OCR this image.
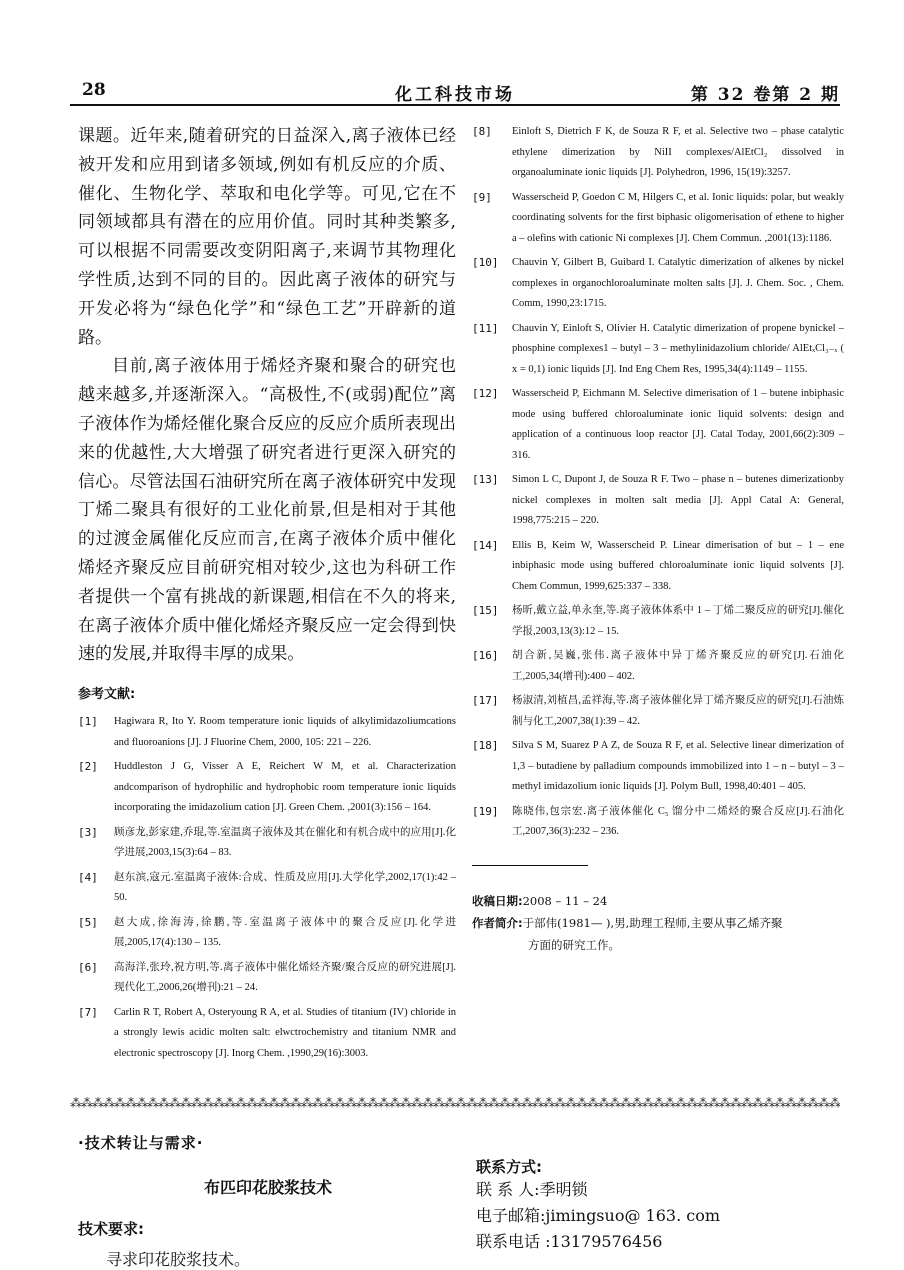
28	化工科技市场	第 32 卷第 2 期

课题。近年来,随着研究的日益深入,离子液体已经被开发和应用到诸多领域,例如有机反应的介质、催化、生物化学、萃取和电化学等。可见,它在不同领域都具有潜在的应用价值。同时其种类繁多,可以根据不同需要改变阴阳离子,来调节其物理化学性质,达到不同的目的。因此离子液体的研究与开发必将为“绿色化学”和“绿色工艺”开辟新的道路。

目前,离子液体用于烯烃齐聚和聚合的研究也越来越多,并逐渐深入。“高极性,不(或弱)配位”离子液体作为烯烃催化聚合反应的反应介质所表现出来的优越性,大大增强了研究者进行更深入研究的信心。尽管法国石油研究所在离子液体研究中发现丁烯二聚具有很好的工业化前景,但是相对于其他的过渡金属催化反应而言,在离子液体介质中催化烯烃齐聚反应目前研究相对较少,这也为科研工作者提供一个富有挑战的新课题,相信在不久的将来,在离子液体介质中催化烯烃齐聚反应一定会得到快速的发展,并取得丰厚的成果。

参考文献:
[1] Hagiwara R, Ito Y. Room temperature ionic liquids of alkylimidazoliumcations and fluoroanions [J]. J Fluorine Chem, 2000, 105: 221 – 226.
[2] Huddleston J G, Visser A E, Reichert W M, et al. Characterization andcomparison of hydrophilic and hydrophobic room temperature ionic liquids incorporating the imidazolium cation [J]. Green Chem. ,2001(3):156 – 164.
[3] 顾彦龙,彭家建,乔琨,等.室温离子液体及其在催化和有机合成中的应用[J].化学进展,2003,15(3):64 – 83.
[4] 赵东滨,寇元.室温离子液体:合成、性质及应用[J].大学化学,2002,17(1):42 – 50.
[5] 赵大成,徐海涛,徐鹏,等.室温离子液体中的聚合反应[J].化学进展,2005,17(4):130 – 135.
[6] 高海洋,张玲,祝方明,等.离子液体中催化烯烃齐聚/聚合反应的研究进展[J].现代化工,2006,26(增刊):21 – 24.
[7] Carlin R T, Robert A, Osteryoung R A, et al. Studies of titanium (IV) chloride in a strongly lewis acidic molten salt: elwctrochemistry and titanium NMR and electronic spectroscopy [J]. Inorg Chem. ,1990,29(16):3003.
[8] Einloft S, Dietrich F K, de Souza R F, et al. Selective two – phase catalytic ethylene dimerization by NiII complexes/AlEtCl₂ dissolved in organoaluminate ionic liquids [J]. Polyhedron, 1996, 15(19):3257.
[9] Wasserscheid P, Goedon C M, Hilgers C, et al. Ionic liquids: polar, but weakly coordinating solvents for the first biphasic oligomerisation of ethene to higher a – olefins with cationic Ni complexes [J]. Chem Commun. ,2001(13):1186.
[10] Chauvin Y, Gilbert B, Guibard I. Catalytic dimerization of alkenes by nickel complexes in organochloroaluminate molten salts [J]. J. Chem. Soc. , Chem. Comm, 1990,23:1715.
[11] Chauvin Y, Einloft S, Olivier H. Catalytic dimerization of propene bynickel – phosphine complexes1 – butyl – 3 – methylinidazolium chloride/ AlEtₓCl₃₋ₓ ( x = 0,1) ionic liquids [J]. Ind Eng Chem Res, 1995,34(4):1149 – 1155.
[12] Wasserscheid P, Eichmann M. Selective dimerisation of 1 – butene inbiphasic mode using buffered chloroaluminate ionic liquid solvents: design and application of a continuous loop reactor [J]. Catal Today, 2001,66(2):309 – 316.
[13] Simon L C, Dupont J, de Souza R F. Two – phase n – butenes dimerizationby nickel complexes in molten salt media [J]. Appl Catal A: General, 1998,775:215 – 220.
[14] Ellis B, Keim W, Wasserscheid P. Linear dimerisation of but – 1 – ene inbiphasic mode using buffered chloroaluminate ionic liquid solvents [J]. Chem Commun, 1999,625:337 – 338.
[15] 杨昕,戴立益,单永奎,等.离子液体体系中 1 – 丁烯二聚反应的研究[J].催化学报,2003,13(3):12 – 15.
[16] 胡合新,吴巍,张伟.离子液体中异丁烯齐聚反应的研究[J].石油化工,2005,34(增刊):400 – 402.
[17] 杨淑清,刘植昌,孟祥海,等.离子液体催化异丁烯齐聚反应的研究[J].石油炼制与化工,2007,38(1):39 – 42.
[18] Silva S M, Suarez P A Z, de Souza R F, et al. Selective linear dimerization of 1,3 – butadiene by palladium compounds immobilized into 1 – n – butyl – 3 – methyl imidazolium ionic liquids [J]. Polym Bull, 1998,40:401 – 405.
[19] 陈晓伟,包宗宏.离子液体催化 C₅ 馏分中二烯烃的聚合反应[J].石油化工,2007,36(3):232 – 236.
收稿日期:2008 – 11 – 24
作者简介:于部伟(1981— ),男,助理工程师,主要从事乙烯齐聚
方面的研究工作。
⁂⁂⁂⁂⁂⁂⁂⁂⁂⁂⁂⁂⁂⁂⁂⁂⁂⁂⁂⁂⁂⁂⁂⁂⁂⁂⁂⁂⁂⁂⁂⁂⁂⁂⁂⁂⁂⁂⁂⁂⁂⁂⁂⁂⁂⁂⁂⁂⁂⁂⁂⁂⁂⁂⁂⁂⁂⁂⁂⁂⁂⁂⁂⁂⁂⁂⁂⁂⁂⁂
·技术转让与需求·
布匹印花胶浆技术
技术要求:
寻求印花胶浆技术。
联系方式:
联 系 人:季明锁
电子邮箱:jimingsuo@ 163. com
联系电话 :13179576456
